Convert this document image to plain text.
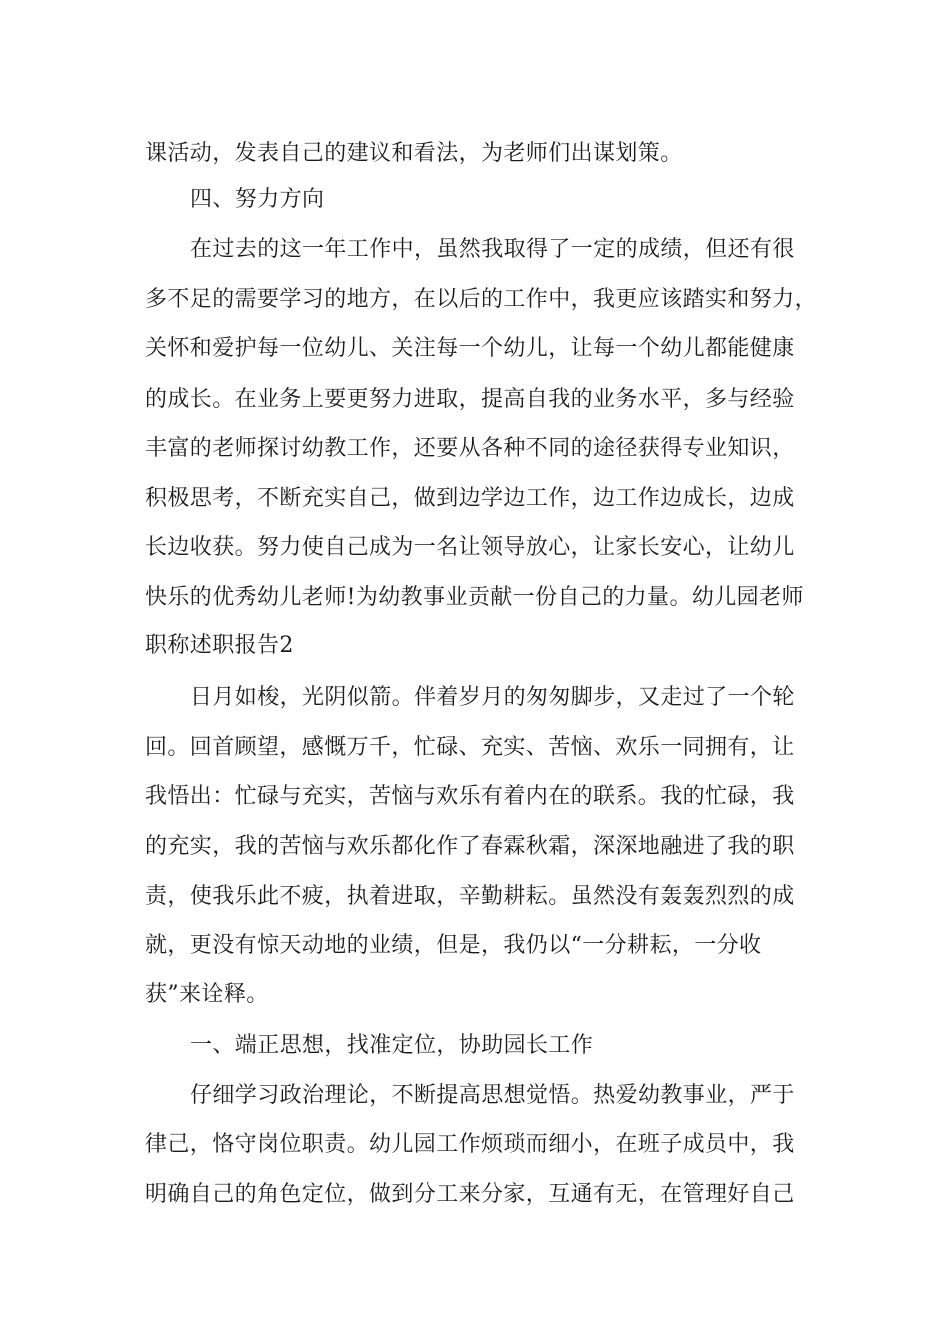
课活动，发表自己的建议和看法，为老师们出谋划策。
四、努力方向
在过去的这一年工作中，虽然我取得了一定的成绩，但还有很
多不足的需要学习的地方，在以后的工作中，我更应该踏实和努力，
关怀和爱护每一位幼儿、关注每一个幼儿，让每一个幼儿都能健康
的成长。在业务上要更努力进取，提高自我的业务水平，多与经验
丰富的老师探讨幼教工作，还要从各种不同的途径获得专业知识，
积极思考，不断充实自己，做到边学边工作，边工作边成长，边成
长边收获。努力使自己成为一名让领导放心，让家长安心，让幼儿
快乐的优秀幼儿老师!为幼教事业贡献一份自己的力量。幼儿园老师
职称述职报告2
日月如梭，光阴似箭。伴着岁月的匆匆脚步，又走过了一个轮
回。回首顾望，感慨万千，忙碌、充实、苦恼、欢乐一同拥有，让
我悟出：忙碌与充实，苦恼与欢乐有着内在的联系。我的忙碌，我
的充实，我的苦恼与欢乐都化作了春霖秋霜，深深地融进了我的职
责，使我乐此不疲，执着进取，辛勤耕耘。虽然没有轰轰烈烈的成
就，更没有惊天动地的业绩，但是，我仍以“一分耕耘，一分收
获”来诠释。
一、端正思想，找准定位，协助园长工作
仔细学习政治理论，不断提高思想觉悟。热爱幼教事业，严于
律己，恪守岗位职责。幼儿园工作烦琐而细小，在班子成员中，我
明确自己的角色定位，做到分工来分家，互通有无，在管理好自己
